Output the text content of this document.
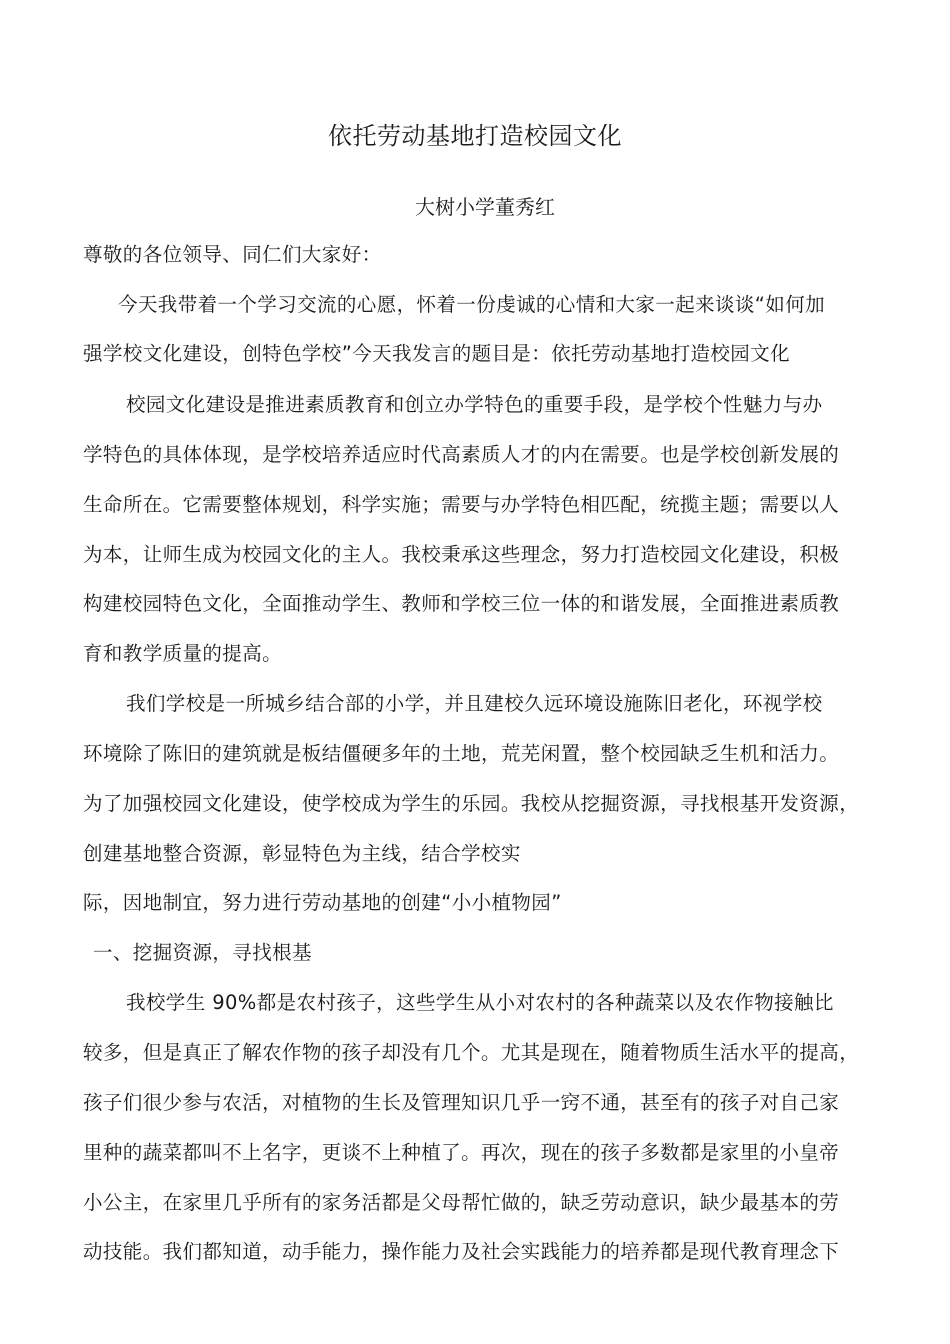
依托劳动基地打造校园文化
大树小学董秀红
尊敬的各位领导、同仁们大家好：
今天我带着一个学习交流的心愿，怀着一份虔诚的心情和大家一起来谈谈“如何加
强学校文化建设，创特色学校”今天我发言的题目是：依托劳动基地打造校园文化
校园文化建设是推进素质教育和创立办学特色的重要手段，是学校个性魅力与办
学特色的具体体现，是学校培养适应时代高素质人才的内在需要。也是学校创新发展的
生命所在。它需要整体规划，科学实施；需要与办学特色相匹配，统揽主题；需要以人
为本，让师生成为校园文化的主人。我校秉承这些理念，努力打造校园文化建设，积极
构建校园特色文化，全面推动学生、教师和学校三位一体的和谐发展，全面推进素质教
育和教学质量的提高。
我们学校是一所城乡结合部的小学，并且建校久远环境设施陈旧老化，环视学校
环境除了陈旧的建筑就是板结僵硬多年的土地，荒芜闲置，整个校园缺乏生机和活力。
为了加强校园文化建设，使学校成为学生的乐园。我校从挖掘资源，寻找根基开发资源，
创建基地整合资源，彰显特色为主线，结合学校实
际，因地制宜，努力进行劳动基地的创建“小小植物园”
一、挖掘资源，寻找根基
我校学生 90%都是农村孩子，这些学生从小对农村的各种蔬菜以及农作物接触比
较多，但是真正了解农作物的孩子却没有几个。尤其是现在，随着物质生活水平的提高，
孩子们很少参与农活，对植物的生长及管理知识几乎一窍不通，甚至有的孩子对自己家
里种的蔬菜都叫不上名字，更谈不上种植了。再次，现在的孩子多数都是家里的小皇帝
小公主，在家里几乎所有的家务活都是父母帮忙做的，缺乏劳动意识，缺少最基本的劳
动技能。我们都知道，动手能力，操作能力及社会实践能力的培养都是现代教育理念下
